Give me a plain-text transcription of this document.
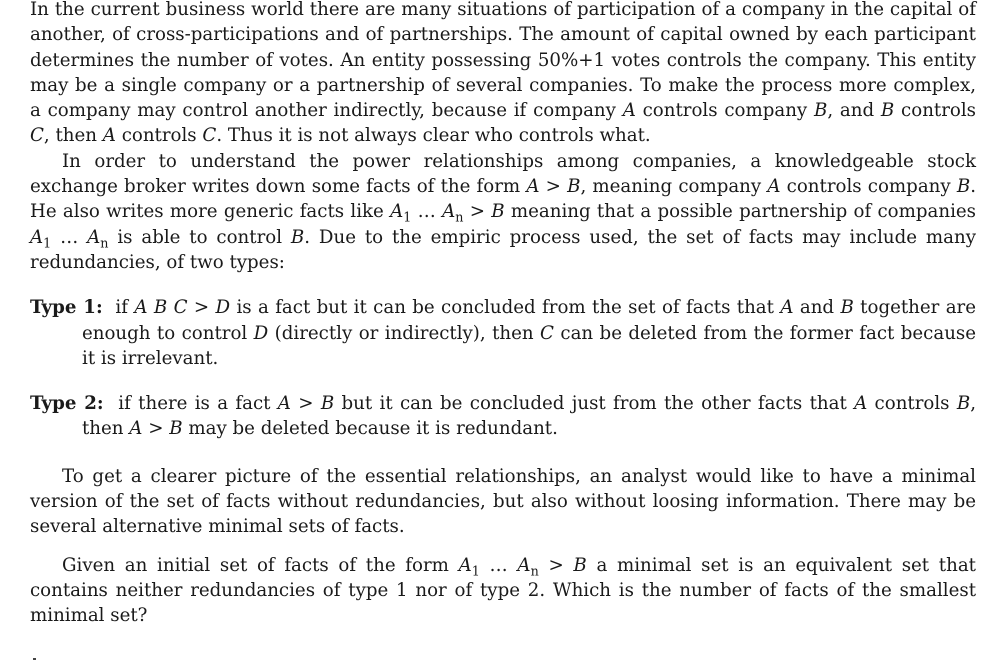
In the current business world there are many situations of participation of a company in the capital of another, of cross-participations and of partnerships. The amount of capital owned by each participant determines the number of votes. An entity possessing 50%+1 votes controls the company. This entity may be a single company or a partnership of several companies. To make the process more complex, a company may control another indirectly, because if company A controls company B, and B controls C, then A controls C. Thus it is not always clear who controls what.

In order to understand the power relationships among companies, a knowledgeable stock exchange broker writes down some facts of the form A > B, meaning company A controls company B. He also writes more generic facts like $A_1$ … $A_n > B$ meaning that a possible partnership of companies $A_1$ … $A_n$ is able to control B. Due to the empiric process used, the set of facts may include many redundancies, of two types:

Type 1:  if A B C > D is a fact but it can be concluded from the set of facts that A and B together are enough to control D (directly or indirectly), then C can be deleted from the former fact because it is irrelevant.

Type 2:  if there is a fact A > B but it can be concluded just from the other facts that A controls B, then A > B may be deleted because it is redundant.

To get a clearer picture of the essential relationships, an analyst would like to have a minimal version of the set of facts without redundancies, but also without loosing information. There may be several alternative minimal sets of facts.

Given an initial set of facts of the form $A_1$ … $A_n > B$ a minimal set is an equivalent set that contains neither redundancies of type 1 nor of type 2. Which is the number of facts of the smallest minimal set?
